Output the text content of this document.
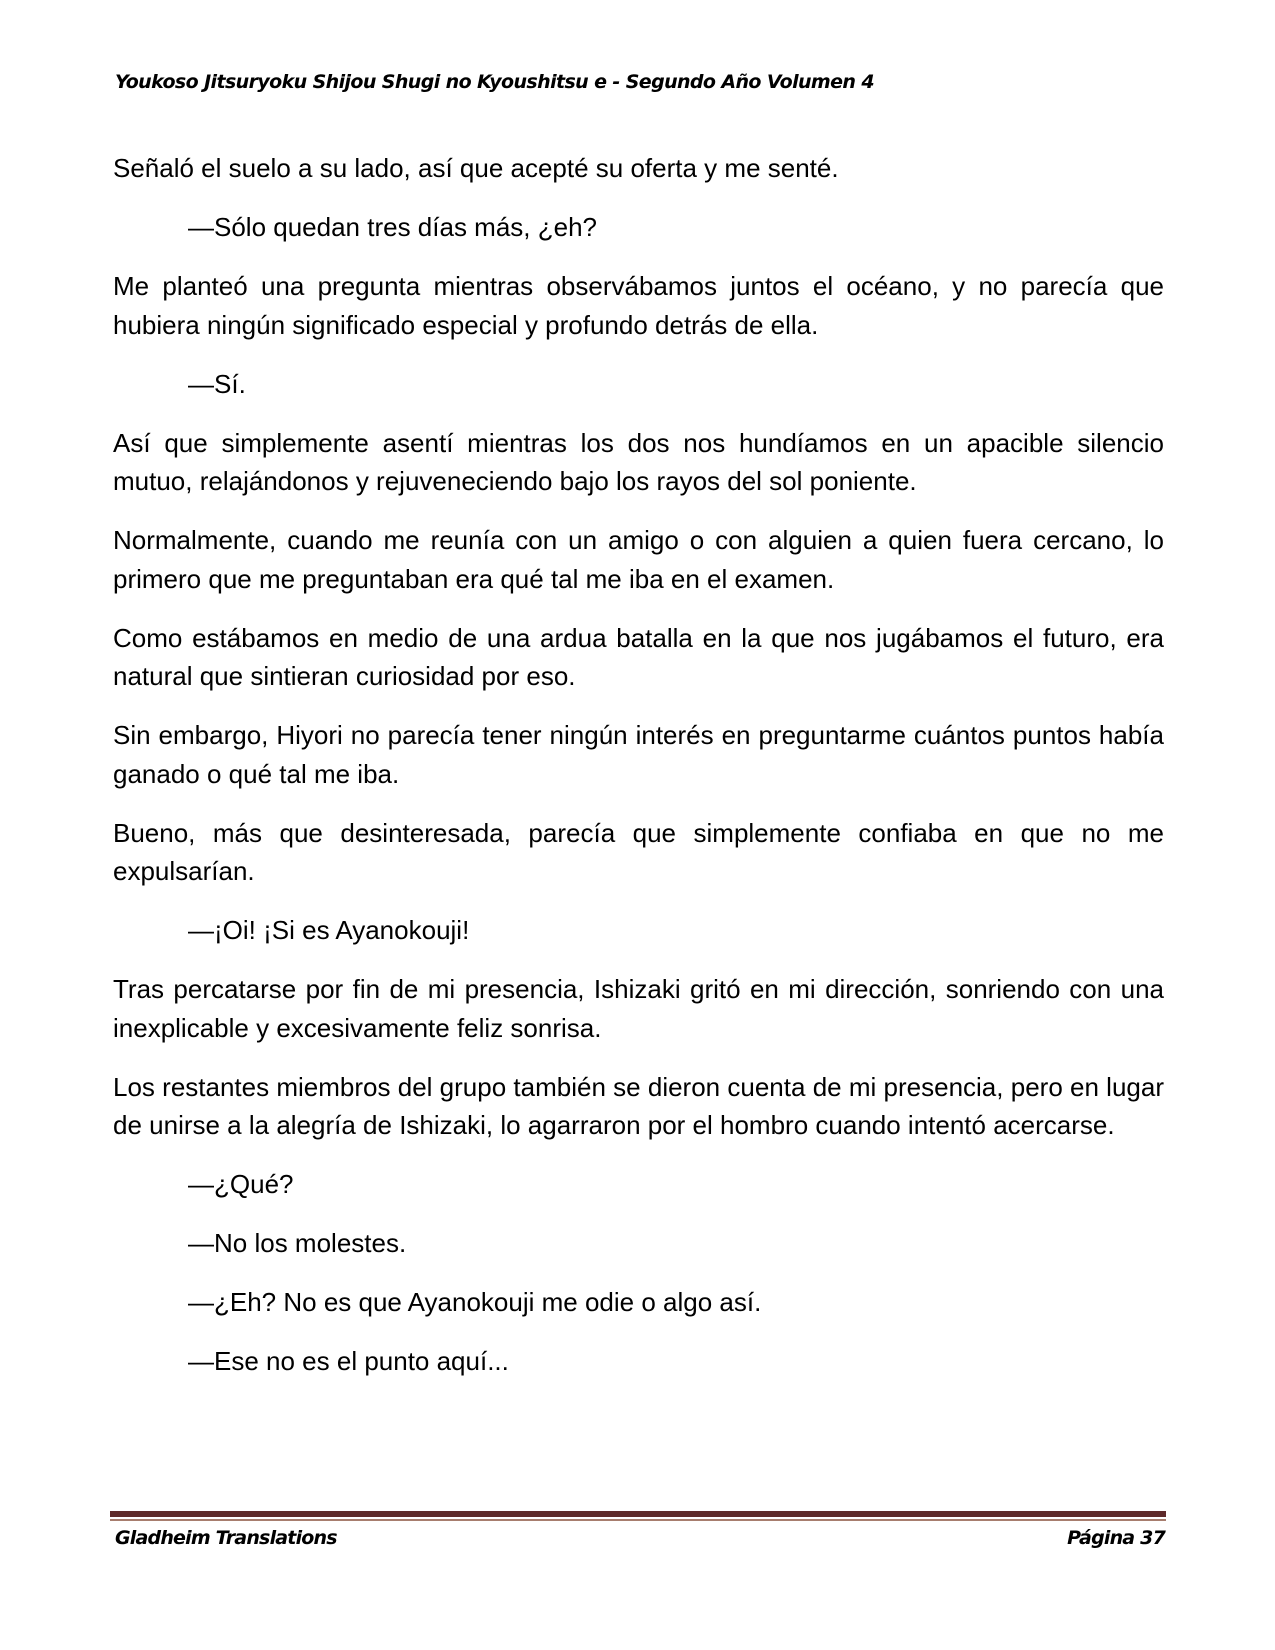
Youkoso Jitsuryoku Shijou Shugi no Kyoushitsu e - Segundo Año Volumen 4

Señaló el suelo a su lado, así que acepté su oferta y me senté.

—Sólo quedan tres días más, ¿eh?

Me planteó una pregunta mientras observábamos juntos el océano, y no parecía que hubiera ningún significado especial y profundo detrás de ella.

—Sí.

Así que simplemente asentí mientras los dos nos hundíamos en un apacible silencio mutuo, relajándonos y rejuveneciendo bajo los rayos del sol poniente.

Normalmente, cuando me reunía con un amigo o con alguien a quien fuera cercano, lo primero que me preguntaban era qué tal me iba en el examen.

Como estábamos en medio de una ardua batalla en la que nos jugábamos el futuro, era natural que sintieran curiosidad por eso.

Sin embargo, Hiyori no parecía tener ningún interés en preguntarme cuántos puntos había ganado o qué tal me iba.

Bueno, más que desinteresada, parecía que simplemente confiaba en que no me expulsarían.

—¡Oi! ¡Si es Ayanokouji!

Tras percatarse por fin de mi presencia, Ishizaki gritó en mi dirección, sonriendo con una inexplicable y excesivamente feliz sonrisa.

Los restantes miembros del grupo también se dieron cuenta de mi presencia, pero en lugar de unirse a la alegría de Ishizaki, lo agarraron por el hombro cuando intentó acercarse.

—¿Qué?

—No los molestes.

—¿Eh? No es que Ayanokouji me odie o algo así.

—Ese no es el punto aquí...

Gladheim Translations	Página 37
